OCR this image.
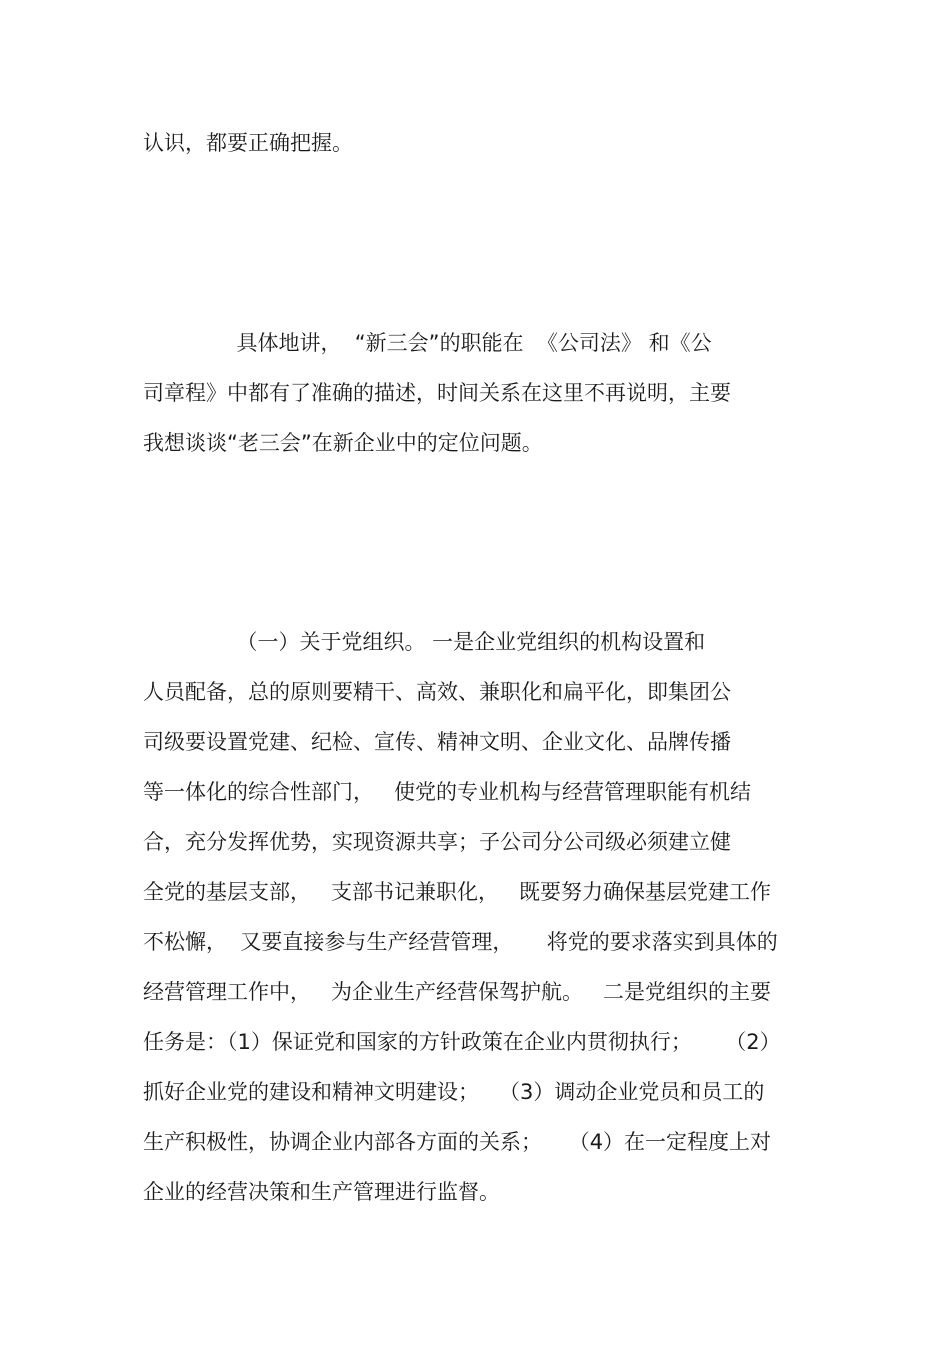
认识，都要正确把握。

具体地讲，  “新三会”的职能在  《公司法》 和《公

司章程》中都有了准确的描述，时间关系在这里不再说明，主要

我想谈谈“老三会”在新企业中的定位问题。

（一）关于党组织。 一是企业党组织的机构设置和

人员配备，总的原则要精干、高效、兼职化和扁平化，即集团公

司级要设置党建、纪检、宣传、精神文明、企业文化、品牌传播

等一体化的综合性部门，   使党的专业机构与经营管理职能有机结

合，充分发挥优势，实现资源共享；子公司分公司级必须建立健

全党的基层支部，   支部书记兼职化，   既要努力确保基层党建工作

不松懈，  又要直接参与生产经营管理，     将党的要求落实到具体的

经营管理工作中，   为企业生产经营保驾护航。   二是党组织的主要

任务是：（1）保证党和国家的方针政策在企业内贯彻执行；     （2）

抓好企业党的建设和精神文明建设；   （3）调动企业党员和员工的

生产积极性，协调企业内部各方面的关系；    （4）在一定程度上对

企业的经营决策和生产管理进行监督。
